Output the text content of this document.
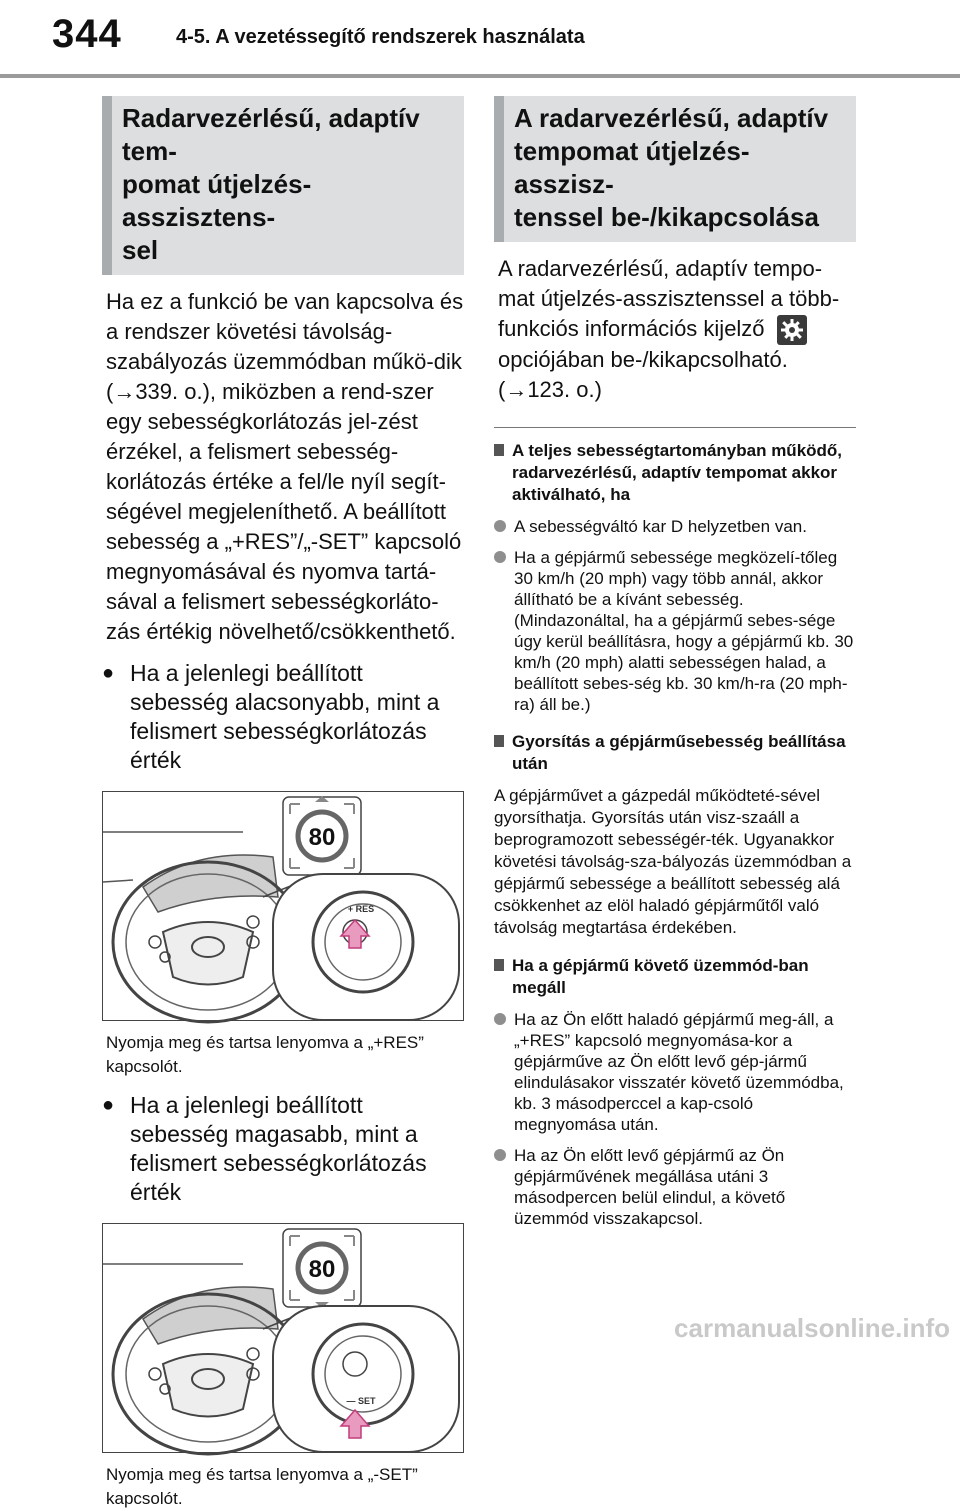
344	4-5. A vezetéssegítő rendszerek használata
Radarvezérlésű, adaptív tem-
pomat útjelzés-asszisztens-
sel

Ha ez a funkció be van kapcsolva és a rendszer követési távolság-szabályozás üzemmódban műkö-dik (→339. o.), miközben a rend-szer egy sebességkorlátozás jel-zést érzékel, a felismert sebesség-korlátozás értéke a fel/le nyíl segít-ségével megjeleníthető. A beállított sebesség a „+RES”/„-SET” kapcsoló megnyomásával és nyomva tartá-sával a felismert sebességkorláto-zás értékig növelhető/csökkenthető.

● Ha a jelenlegi beállított sebesség alacsonyabb, mint a felismert sebességkorlátozás érték
80
+ RES

Nyomja meg és tartsa lenyomva a „+RES” kapcsolót.

● Ha a jelenlegi beállított sebesség magasabb, mint a felismert sebességkorlátozás érték
80
— SET

Nyomja meg és tartsa lenyomva a „-SET” kapcsolót.

A radarvezérlésű, adaptív
tempomat útjelzés-asszisz-
tenssel be-/kikapcsolása

A radarvezérlésű, adaptív tempo-mat útjelzés-asszisztenssel a több-funkciós információs kijelző
opciójában be-/kikapcsolható. (→123. o.)

A teljes sebességtartományban működő, radarvezérlésű, adaptív tempomat akkor aktiválható, ha
A sebességváltó kar D helyzetben van.
Ha a gépjármű sebessége megközelí-tőleg 30 km/h (20 mph) vagy több annál, akkor állítható be a kívánt sebesség. (Mindazonáltal, ha a gépjármű sebes-sége úgy kerül beállításra, hogy a gépjármű kb. 30 km/h (20 mph) alatti sebességen halad, a beállított sebes-ség kb. 30 km/h-ra (20 mph-ra) áll be.)
Gyorsítás a gépjárműsebesség beállítása után

A gépjárművet a gázpedál működteté-sével gyorsíthatja. Gyorsítás után visz-szaáll a beprogramozott sebességér-ték. Ugyanakkor követési távolság-sza-bályozás üzemmódban a gépjármű sebessége a beállított sebesség alá csökkenhet az elöl haladó gépjárműtől való távolság megtartása érdekében.

Ha a gépjármű követő üzemmód-ban megáll
Ha az Ön előtt haladó gépjármű meg-áll, a „+RES” kapcsoló megnyomása-kor a gépjárműve az Ön előtt levő gép-jármű elindulásakor visszatér követő üzemmódba, kb. 3 másodperccel a kap-csoló megnyomása után.
Ha az Ön előtt levő gépjármű az Ön gépjárművének megállása utáni 3 másodpercen belül elindul, a követő üzemmód visszakapcsol.
carmanualsonline.info
